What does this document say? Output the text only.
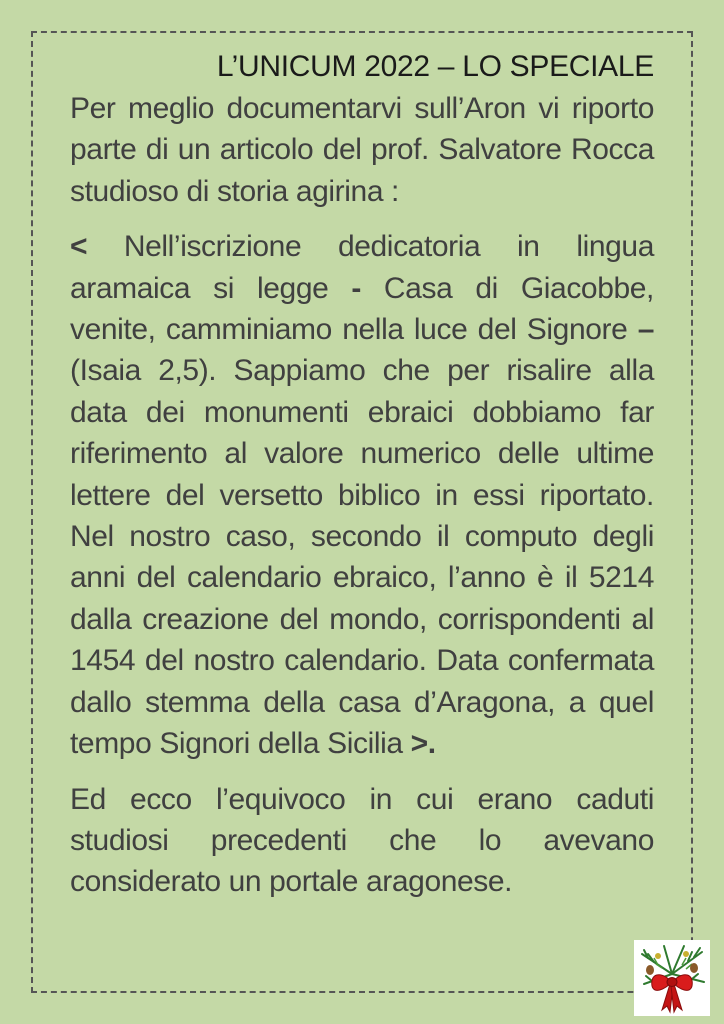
L’UNICUM 2022 – LO SPECIALE

Per meglio documentarvi sull’Aron vi riporto parte di un articolo del prof. Salvatore Rocca studioso di storia agirina :

< Nell’iscrizione dedicatoria in lingua aramaica si legge - Casa di Giacobbe, venite, camminiamo nella luce del Signore – (Isaia 2,5). Sappiamo che per risalire alla data dei monumenti ebraici dobbiamo far riferimento al valore numerico delle ultime lettere del versetto biblico in essi riportato. Nel nostro caso, secondo il computo degli anni del calendario ebraico, l’anno è il 5214 dalla creazione del mondo, corrispondenti al 1454 del nostro calendario. Data confermata dallo stemma della casa d’Aragona, a quel tempo Signori della Sicilia >.

Ed ecco l’equivoco in cui erano caduti studiosi precedenti che lo avevano considerato un portale aragonese.
